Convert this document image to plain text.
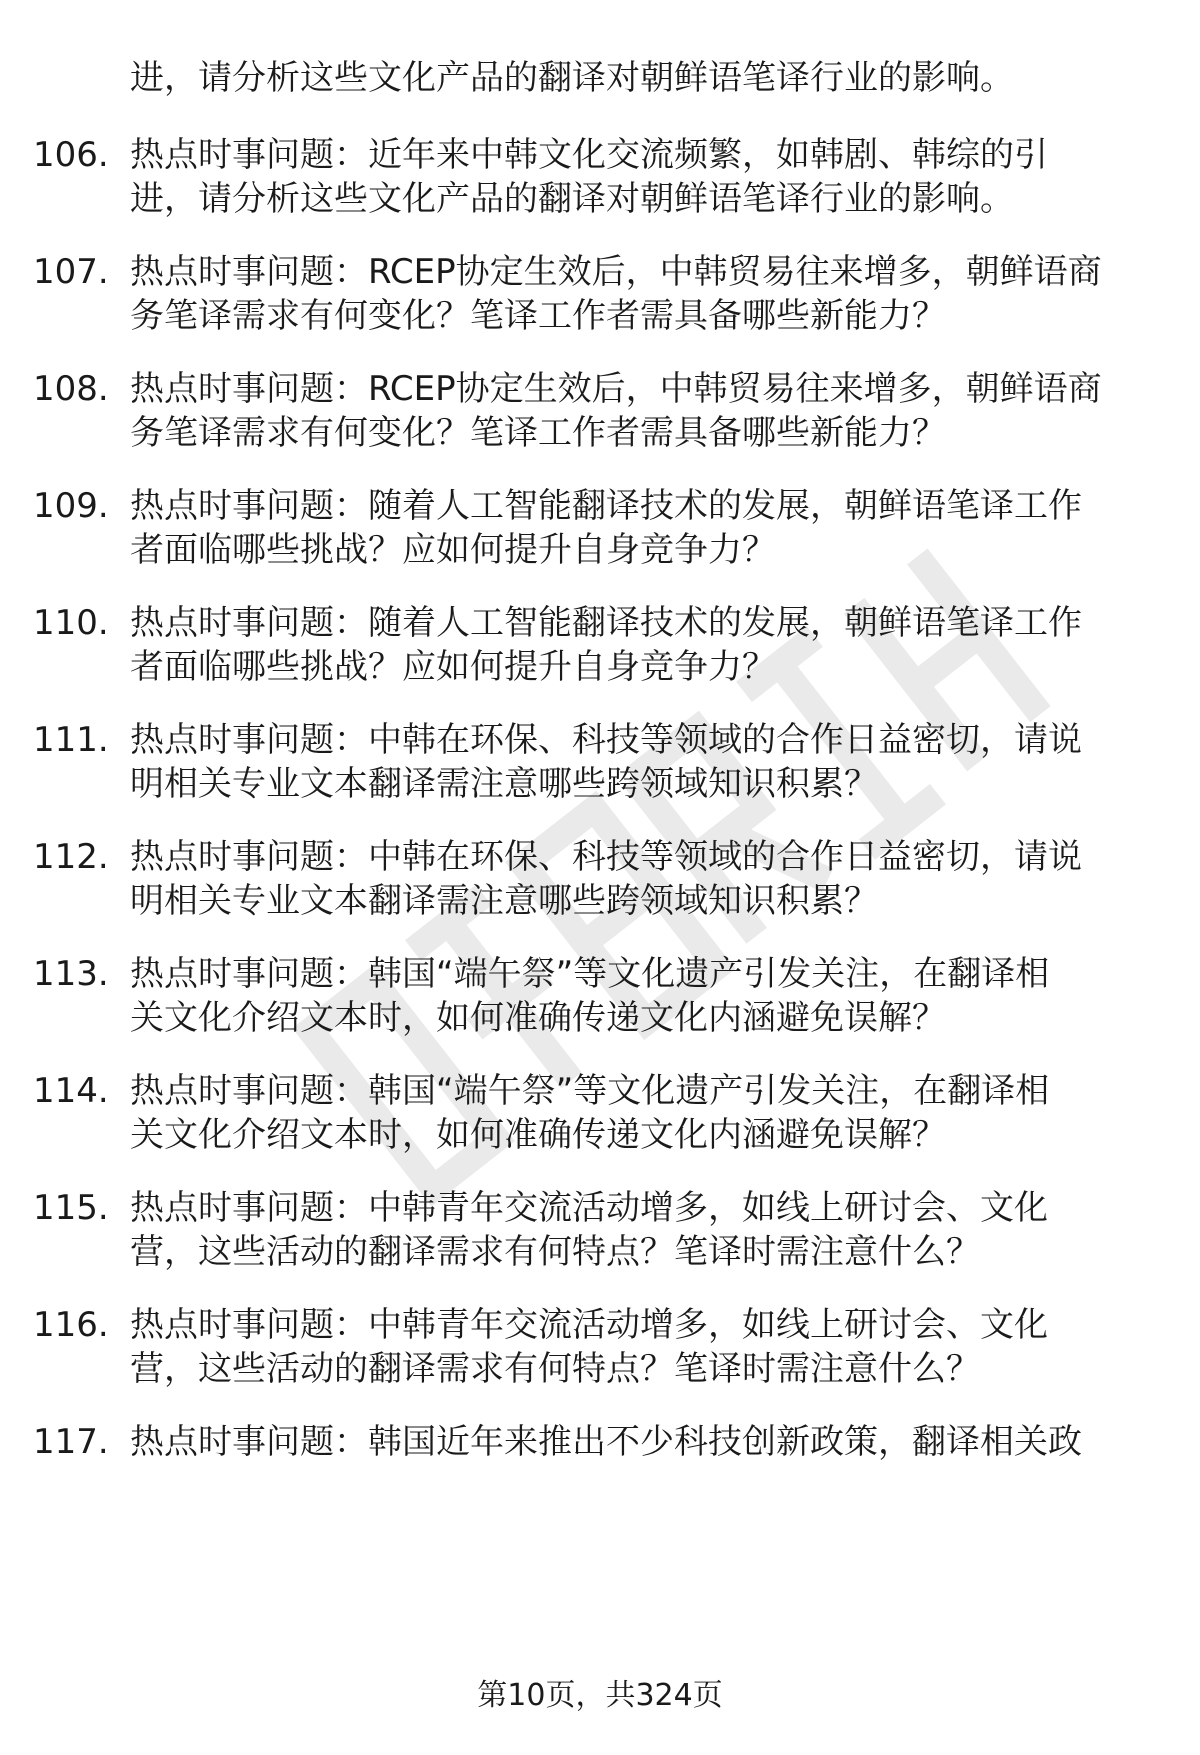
进，请分析这些文化产品的翻译对朝鲜语笔译行业的影响。
106. 热点时事问题：近年来中韩文化交流频繁，如韩剧、韩综的引
进，请分析这些文化产品的翻译对朝鲜语笔译行业的影响。
107. 热点时事问题：RCEP协定生效后，中韩贸易往来增多，朝鲜语商
务笔译需求有何变化？笔译工作者需具备哪些新能力？
108. 热点时事问题：RCEP协定生效后，中韩贸易往来增多，朝鲜语商
务笔译需求有何变化？笔译工作者需具备哪些新能力？
109. 热点时事问题：随着人工智能翻译技术的发展，朝鲜语笔译工作
者面临哪些挑战？应如何提升自身竞争力？
110. 热点时事问题：随着人工智能翻译技术的发展，朝鲜语笔译工作
者面临哪些挑战？应如何提升自身竞争力？
111. 热点时事问题：中韩在环保、科技等领域的合作日益密切，请说
明相关专业文本翻译需注意哪些跨领域知识积累？
112. 热点时事问题：中韩在环保、科技等领域的合作日益密切，请说
明相关专业文本翻译需注意哪些跨领域知识积累？
113. 热点时事问题：韩国“端午祭”等文化遗产引发关注，在翻译相
关文化介绍文本时，如何准确传递文化内涵避免误解？
114. 热点时事问题：韩国“端午祭”等文化遗产引发关注，在翻译相
关文化介绍文本时，如何准确传递文化内涵避免误解？
115. 热点时事问题：中韩青年交流活动增多，如线上研讨会、文化
营，这些活动的翻译需求有何特点？笔译时需注意什么？
116. 热点时事问题：中韩青年交流活动增多，如线上研讨会、文化
营，这些活动的翻译需求有何特点？笔译时需注意什么？
117. 热点时事问题：韩国近年来推出不少科技创新政策，翻译相关政
第10页，共324页
